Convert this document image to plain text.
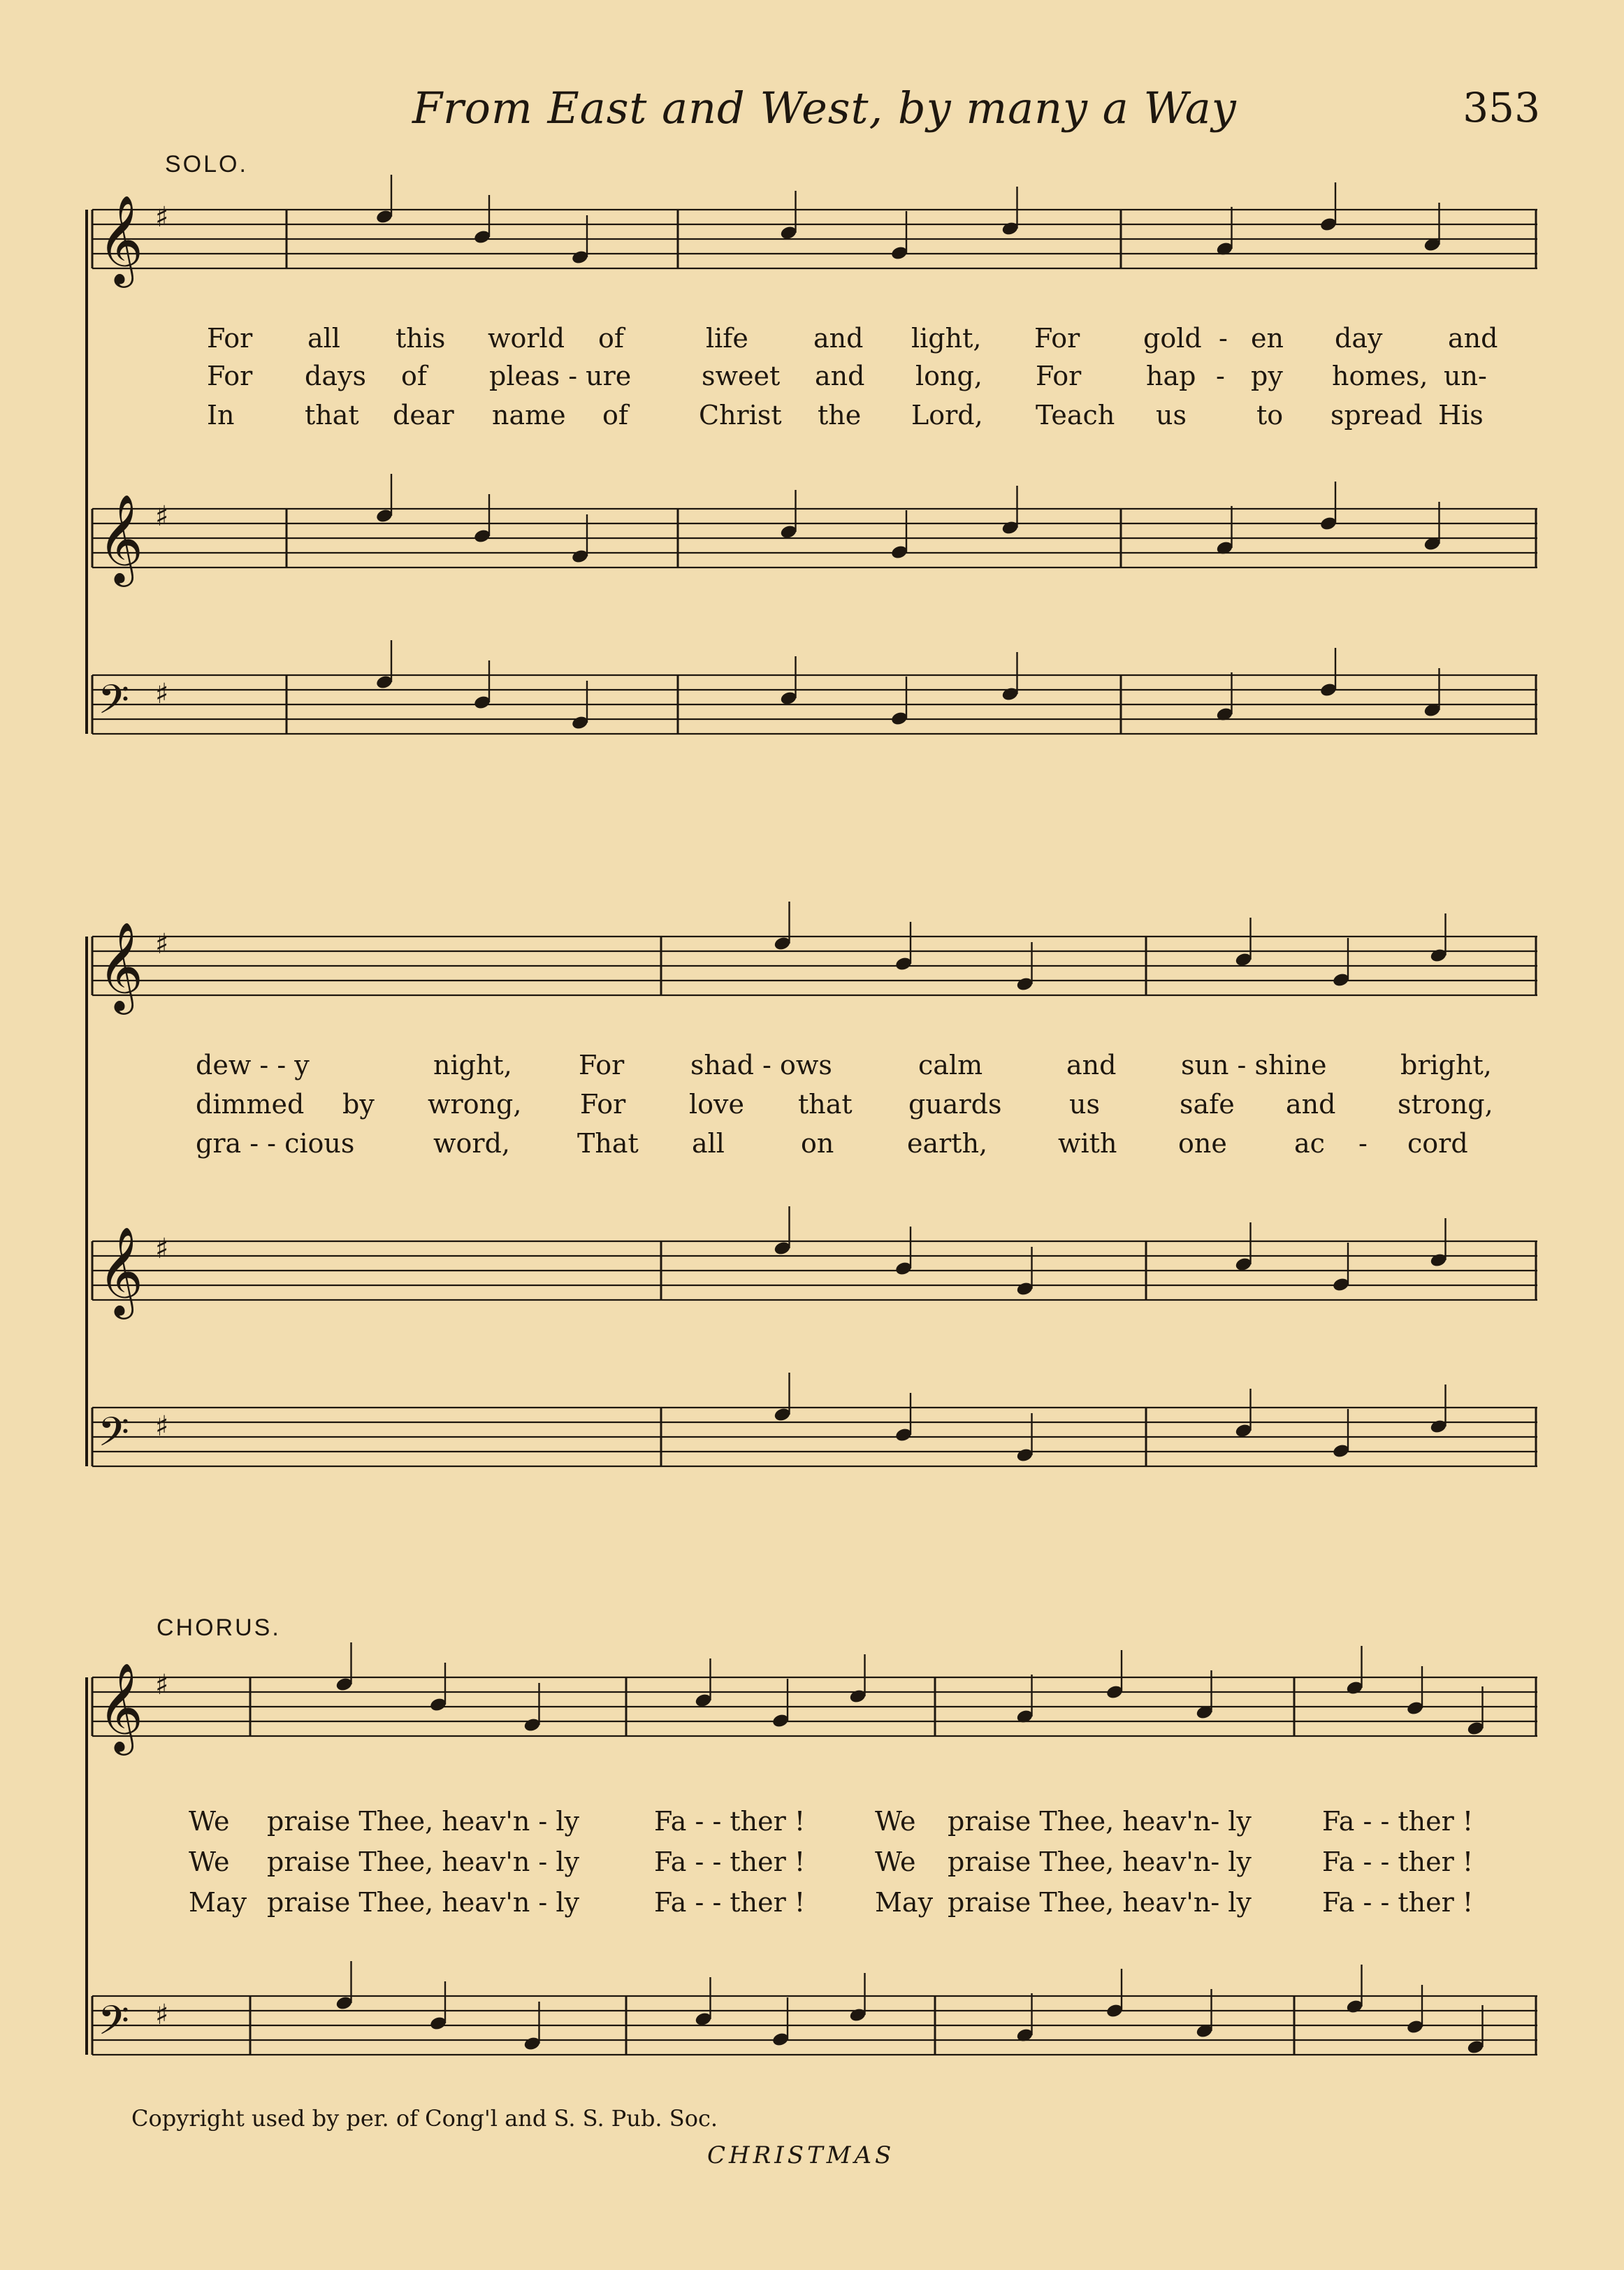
From East and West, by many a Way	353
SOLO.
CHORUS.
𝄞 ♯
𝄞 ♯
𝄢 ♯
𝄞 ♯
𝄞 ♯
𝄢 ♯
𝄞 ♯
𝄢 ♯
For all this world of	life and light, For gold - en day and
For days of pleas - ure	sweet and long, For hap - py homes, un-
In	that dear name of	Christ the Lord, Teach us	to spread His
dew - - y	night,	For shad - ows	calm	and sun - shine	bright,
dimmed by wrong, For love that guards	us	safe and strong,
gra - - cious	word,	That all	on	earth,	with one	ac - cord
We praise Thee, heav'n - ly	Fa - - ther !	We praise Thee, heav'n- ly	Fa - - ther !
We praise Thee, heav'n - ly	Fa - - ther !	We praise Thee, heav'n- ly	Fa - - ther !
May praise Thee, heav'n - ly	Fa - - ther !	May praise Thee, heav'n- ly	Fa - - ther !
Copyright used by per. of Cong'l and S. S. Pub. Soc.
CHRISTMAS
